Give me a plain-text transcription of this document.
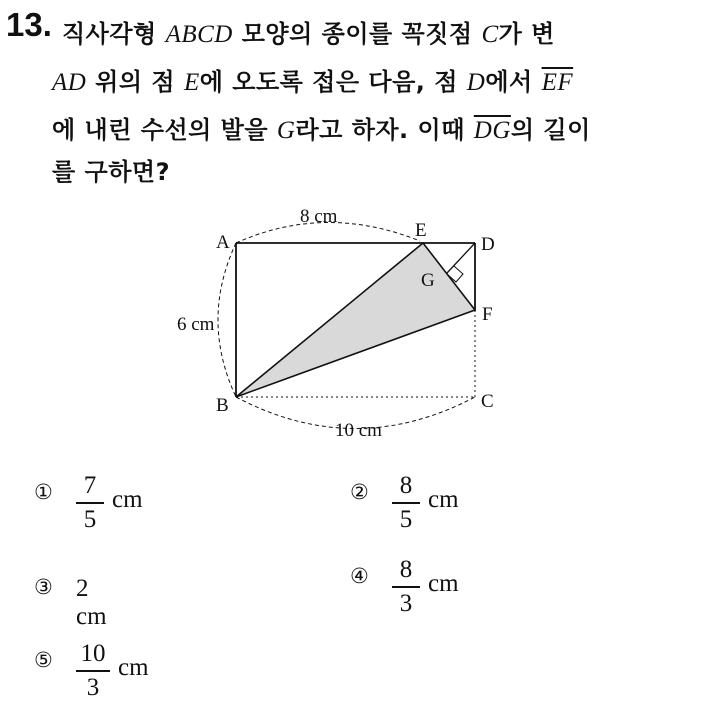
13. 직사각형 ABCD 모양의 종이를 꼭짓점 C가 변
AD 위의 점 E에 오도록 접은 다음, 점 D에서 $\overline{EF}$
에 내린 수선의 발을 G라고 하자. 이때 $\overline{DG}$의 길이
를 구하면?
A
B	C
D
E
F
G
8 cm
6 cm
10 cm
①	7
5
cm	②	8
5
cm
③ 2 cm
④	8
3
cm
⑤ 10
3
cm
